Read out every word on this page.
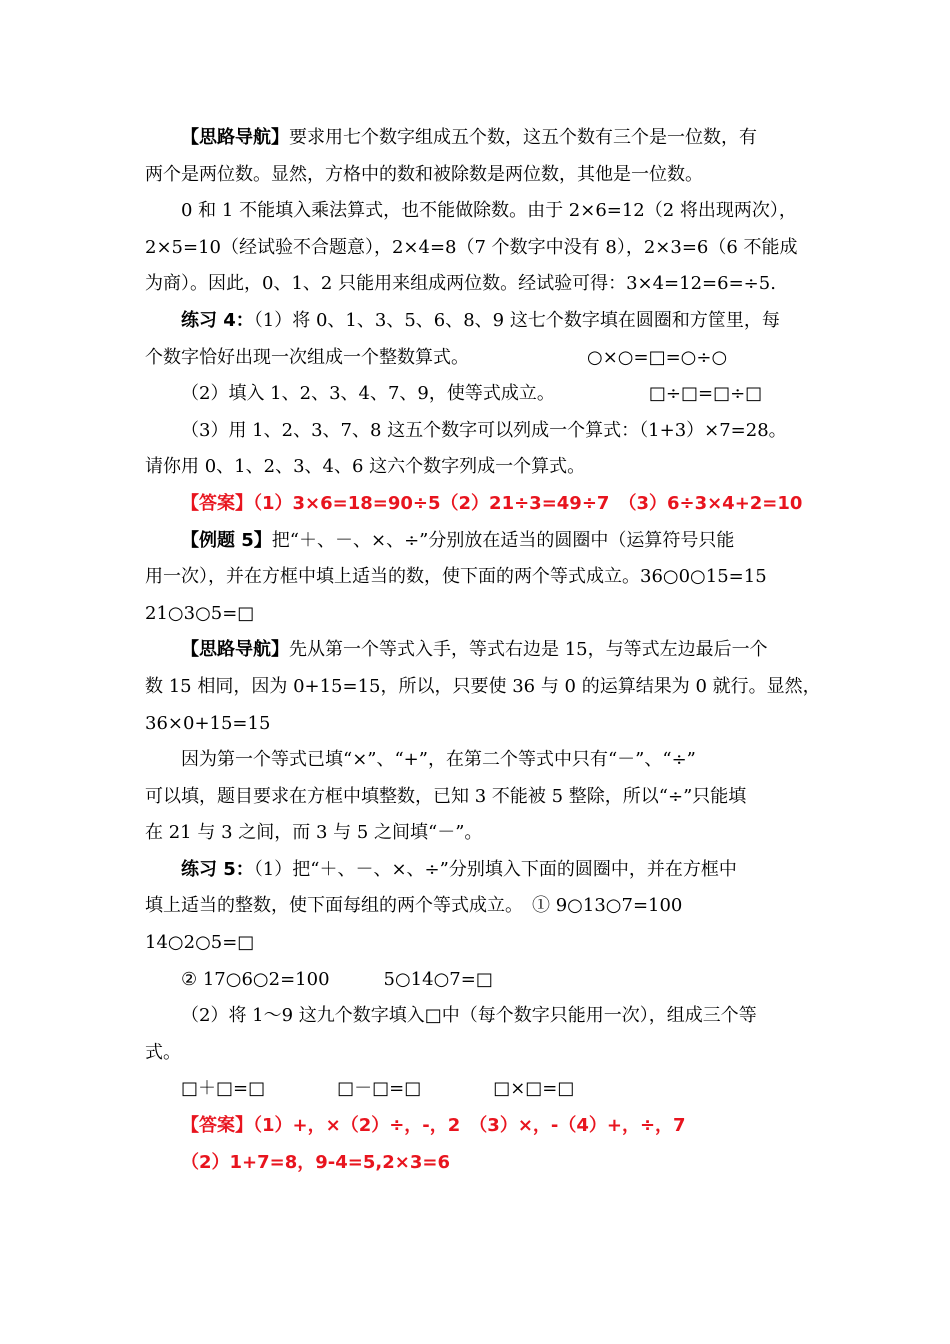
【思路导航】要求用七个数字组成五个数，这五个数有三个是一位数，有
两个是两位数。显然，方格中的数和被除数是两位数，其他是一位数。
0 和 1 不能填入乘法算式，也不能做除数。由于 2×6=12（2 将出现两次），
2×5=10（经试验不合题意），2×4=8（7 个数字中没有 8），2×3=6（6 不能成
为商）。因此，0、1、2 只能用来组成两位数。经试验可得：3×4=12=6=÷5.
练习 4：（1）将 0、1、3、5、6、8、9 这七个数字填在圆圈和方筐里，每
个数字恰好出现一次组成一个整数算式。	○×○=□=○÷○
（2）填入 1、2、3、4、7、9，使等式成立。	□÷□=□÷□
（3）用 1、2、3、7、8 这五个数字可以列成一个算式：（1+3）×7=28。
请你用 0、1、2、3、4、6 这六个数字列成一个算式。
【答案】（1）3×6=18=90÷5（2）21÷3=49÷7　（3）6÷3×4+2=10
【例题 5】把“＋、－、×、÷”分别放在适当的圆圈中（运算符号只能
用一次），并在方框中填上适当的数，使下面的两个等式成立。36○0○15=15
21○3○5=□
【思路导航】先从第一个等式入手，等式右边是 15，与等式左边最后一个
数 15 相同，因为 0+15=15，所以，只要使 36 与 0 的运算结果为 0 就行。显然，
36×0+15=15
因为第一个等式已填“×”、“+”，在第二个等式中只有“－”、“÷”
可以填，题目要求在方框中填整数，已知 3 不能被 5 整除，所以“÷”只能填
在 21 与 3 之间，而 3 与 5 之间填“－”。
练习 5：（1）把“＋、－、×、÷”分别填入下面的圆圈中，并在方框中
填上适当的整数，使下面每组的两个等式成立。　① 9○13○7=100
14○2○5=□
② 17○6○2=100　　　5○14○7=□
（2）将 1～9 这九个数字填入□中（每个数字只能用一次），组成三个等
式。
□＋□=□　　　　□－□=□　　　　□×□=□
【答案】（1）+，×（2）÷，-，2　（3）×，-（4）+，÷，7
（2）1+7=8，9-4=5,2×3=6
